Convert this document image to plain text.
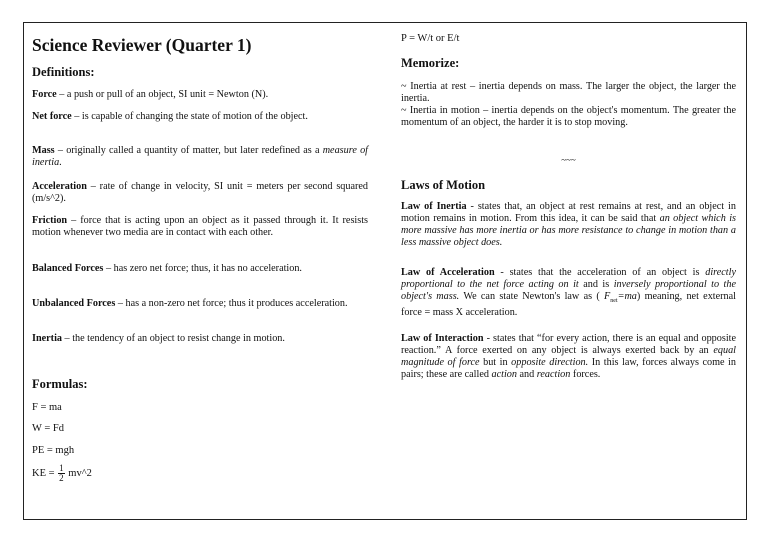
Science Reviewer (Quarter 1)
Definitions:

Force – a push or pull of an object, SI unit = Newton (N).

Net force – is capable of changing the state of motion of the object.

Mass – originally called a quantity of matter, but later redefined as a measure of inertia.

Acceleration – rate of change in velocity, SI unit = meters per second squared (m/s^2).

Friction – force that is acting upon an object as it passed through it. It resists motion whenever two media are in contact with each other.

Balanced Forces – has zero net force; thus, it has no acceleration.

Unbalanced Forces – has a non-zero net force; thus it produces acceleration.

Inertia – the tendency of an object to resist change in motion.

Formulas:
F = ma
W = Fd
PE = mgh
KE = $\frac{1}{2}$ mv^2
P = W/t or E/t
Memorize:

~ Inertia at rest – inertia depends on mass. The larger the object, the larger the inertia.

~ Inertia in motion – inertia depends on the object's momentum. The greater the momentum of an object, the harder it is to stop moving.

~~~
Laws of Motion

Law of Inertia - states that, an object at rest remains at rest, and an object in motion remains in motion. From this idea, it can be said that an object which is more massive has more inertia or has more resistance to change in motion than a less massive object does.

Law of Acceleration - states that the acceleration of an object is directly proportional to the net force acting on it and is inversely proportional to the object's mass. We can state Newton's law as ( $F_{net}=ma$) meaning, net external force = mass X acceleration.

Law of Interaction - states that “for every action, there is an equal and opposite reaction.” A force exerted on any object is always exerted back by an equal magnitude of force but in opposite direction. In this law, forces always come in pairs; these are called action and reaction forces.
